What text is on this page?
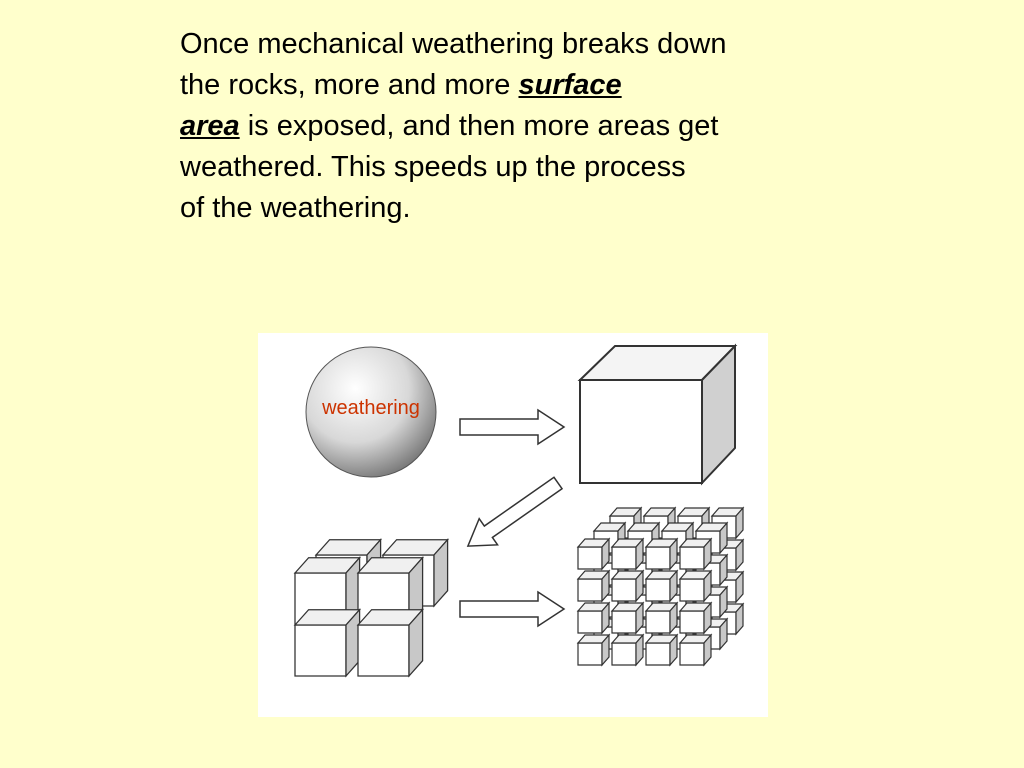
Once mechanical weathering breaks down
the rocks, more and more surface
area is exposed, and then more areas get
weathered. This speeds up the process
of the weathering.

weathering
